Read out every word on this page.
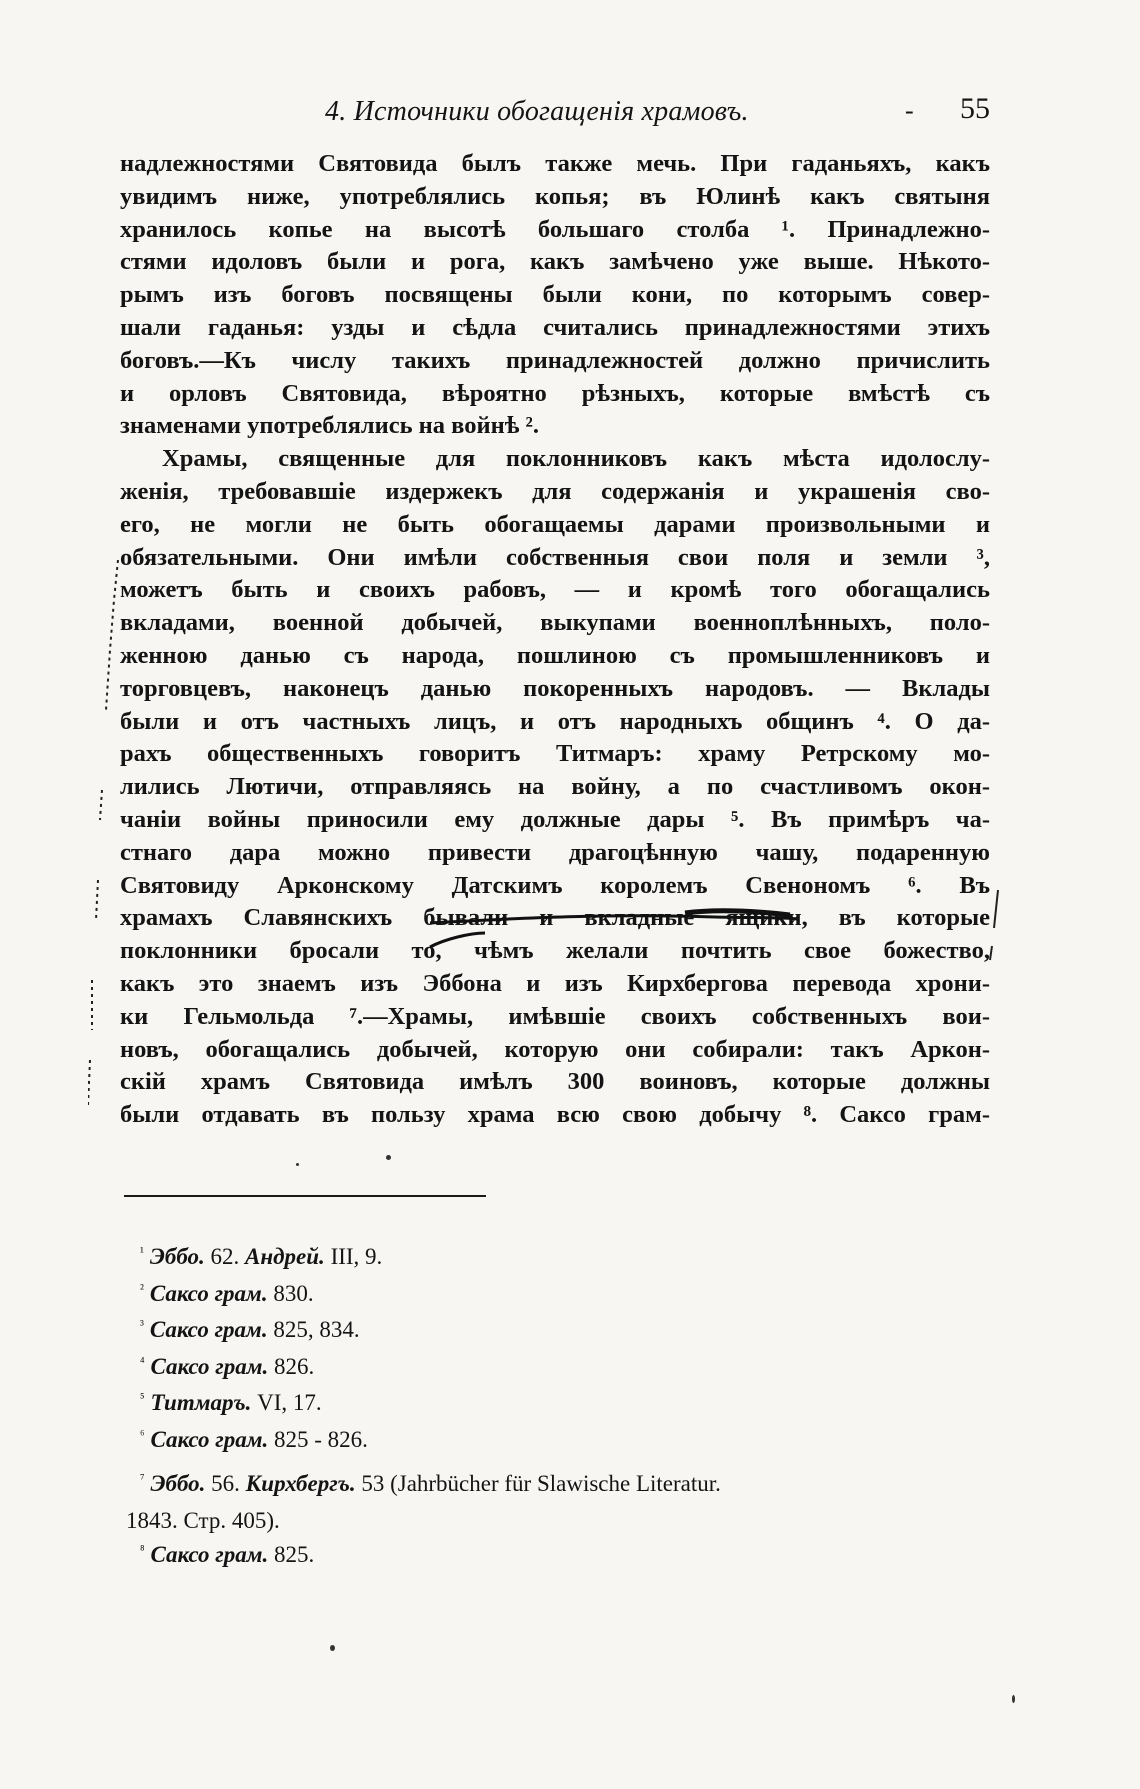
4. Источники обогащенія храмовъ.	- 55
надлежностями Святовида былъ также мечь. При гаданьяхъ, какъ
увидимъ ниже, употреблялись копья; въ Юлинѣ какъ святыня
хранилось копье на высотѣ большаго столба ¹. Принадлежно-
стями идоловъ были и рога, какъ замѣчено уже выше. Нѣкото-
рымъ изъ боговъ посвящены были кони, по которымъ совер-
шали гаданья: узды и сѣдла считались принадлежностями этихъ
боговъ.—Къ числу такихъ принадлежностей должно причислить
и орловъ Святовида, вѣроятно рѣзныхъ, которые вмѣстѣ съ
знаменами употреблялись на войнѣ ².
Храмы, священные для поклонниковъ какъ мѣста идолослу-
женія, требовавшіе издержекъ для содержанія и украшенія сво-
его, не могли не быть обогащаемы дарами произвольными и
обязательными. Они имѣли собственныя свои поля и земли ³,
можетъ быть и своихъ рабовъ, — и кромѣ того обогащались
вкладами, военной добычей, выкупами военноплѣнныхъ, поло-
женною данью съ народа, пошлиною съ промышленниковъ и
торговцевъ, наконецъ данью покоренныхъ народовъ. — Вклады
были и отъ частныхъ лицъ, и отъ народныхъ общинъ ⁴. О да-
рахъ общественныхъ говоритъ Титмаръ: храму Ретрскому мо-
лились Лютичи, отправляясь на войну, а по счастливомъ окон-
чаніи войны приносили ему должные дары ⁵. Въ примѣръ ча-
стнаго дара можно привести драгоцѣнную чашу, подаренную
Святовиду Арконскому Датскимъ королемъ Свенономъ ⁶. Въ
храмахъ Славянскихъ бывали и вкладные ящики, въ которые
поклонники бросали то, чѣмъ желали почтить свое божество,
какъ это знаемъ изъ Эббона и изъ Кирхбергова перевода хрони-
ки Гельмольда ⁷.—Храмы, имѣвшіе своихъ собственныхъ вои-
новъ, обогащались добычей, которую они собирали: такъ Аркон-
скій храмъ Святовида имѣлъ 300 воиновъ, которые должны
были отдавать въ пользу храма всю свою добычу ⁸. Саксо грам-
$^{^1}$ Эббо. 62. Андрей. III, 9.
$^{^2}$ Саксо грам. 830.
$^{^3}$ Саксо грам. 825, 834.
$^{^4}$ Саксо грам. 826.
$^{^5}$ Титмаръ. VI, 17.
$^{^6}$ Саксо грам. 825 - 826.
$^{^7}$ Эббо. 56. Кирхбергъ. 53 (Jahrbücher für Slawische Literatur.
1843. Стр. 405).
$^{^8}$ Саксо грам. 825.
